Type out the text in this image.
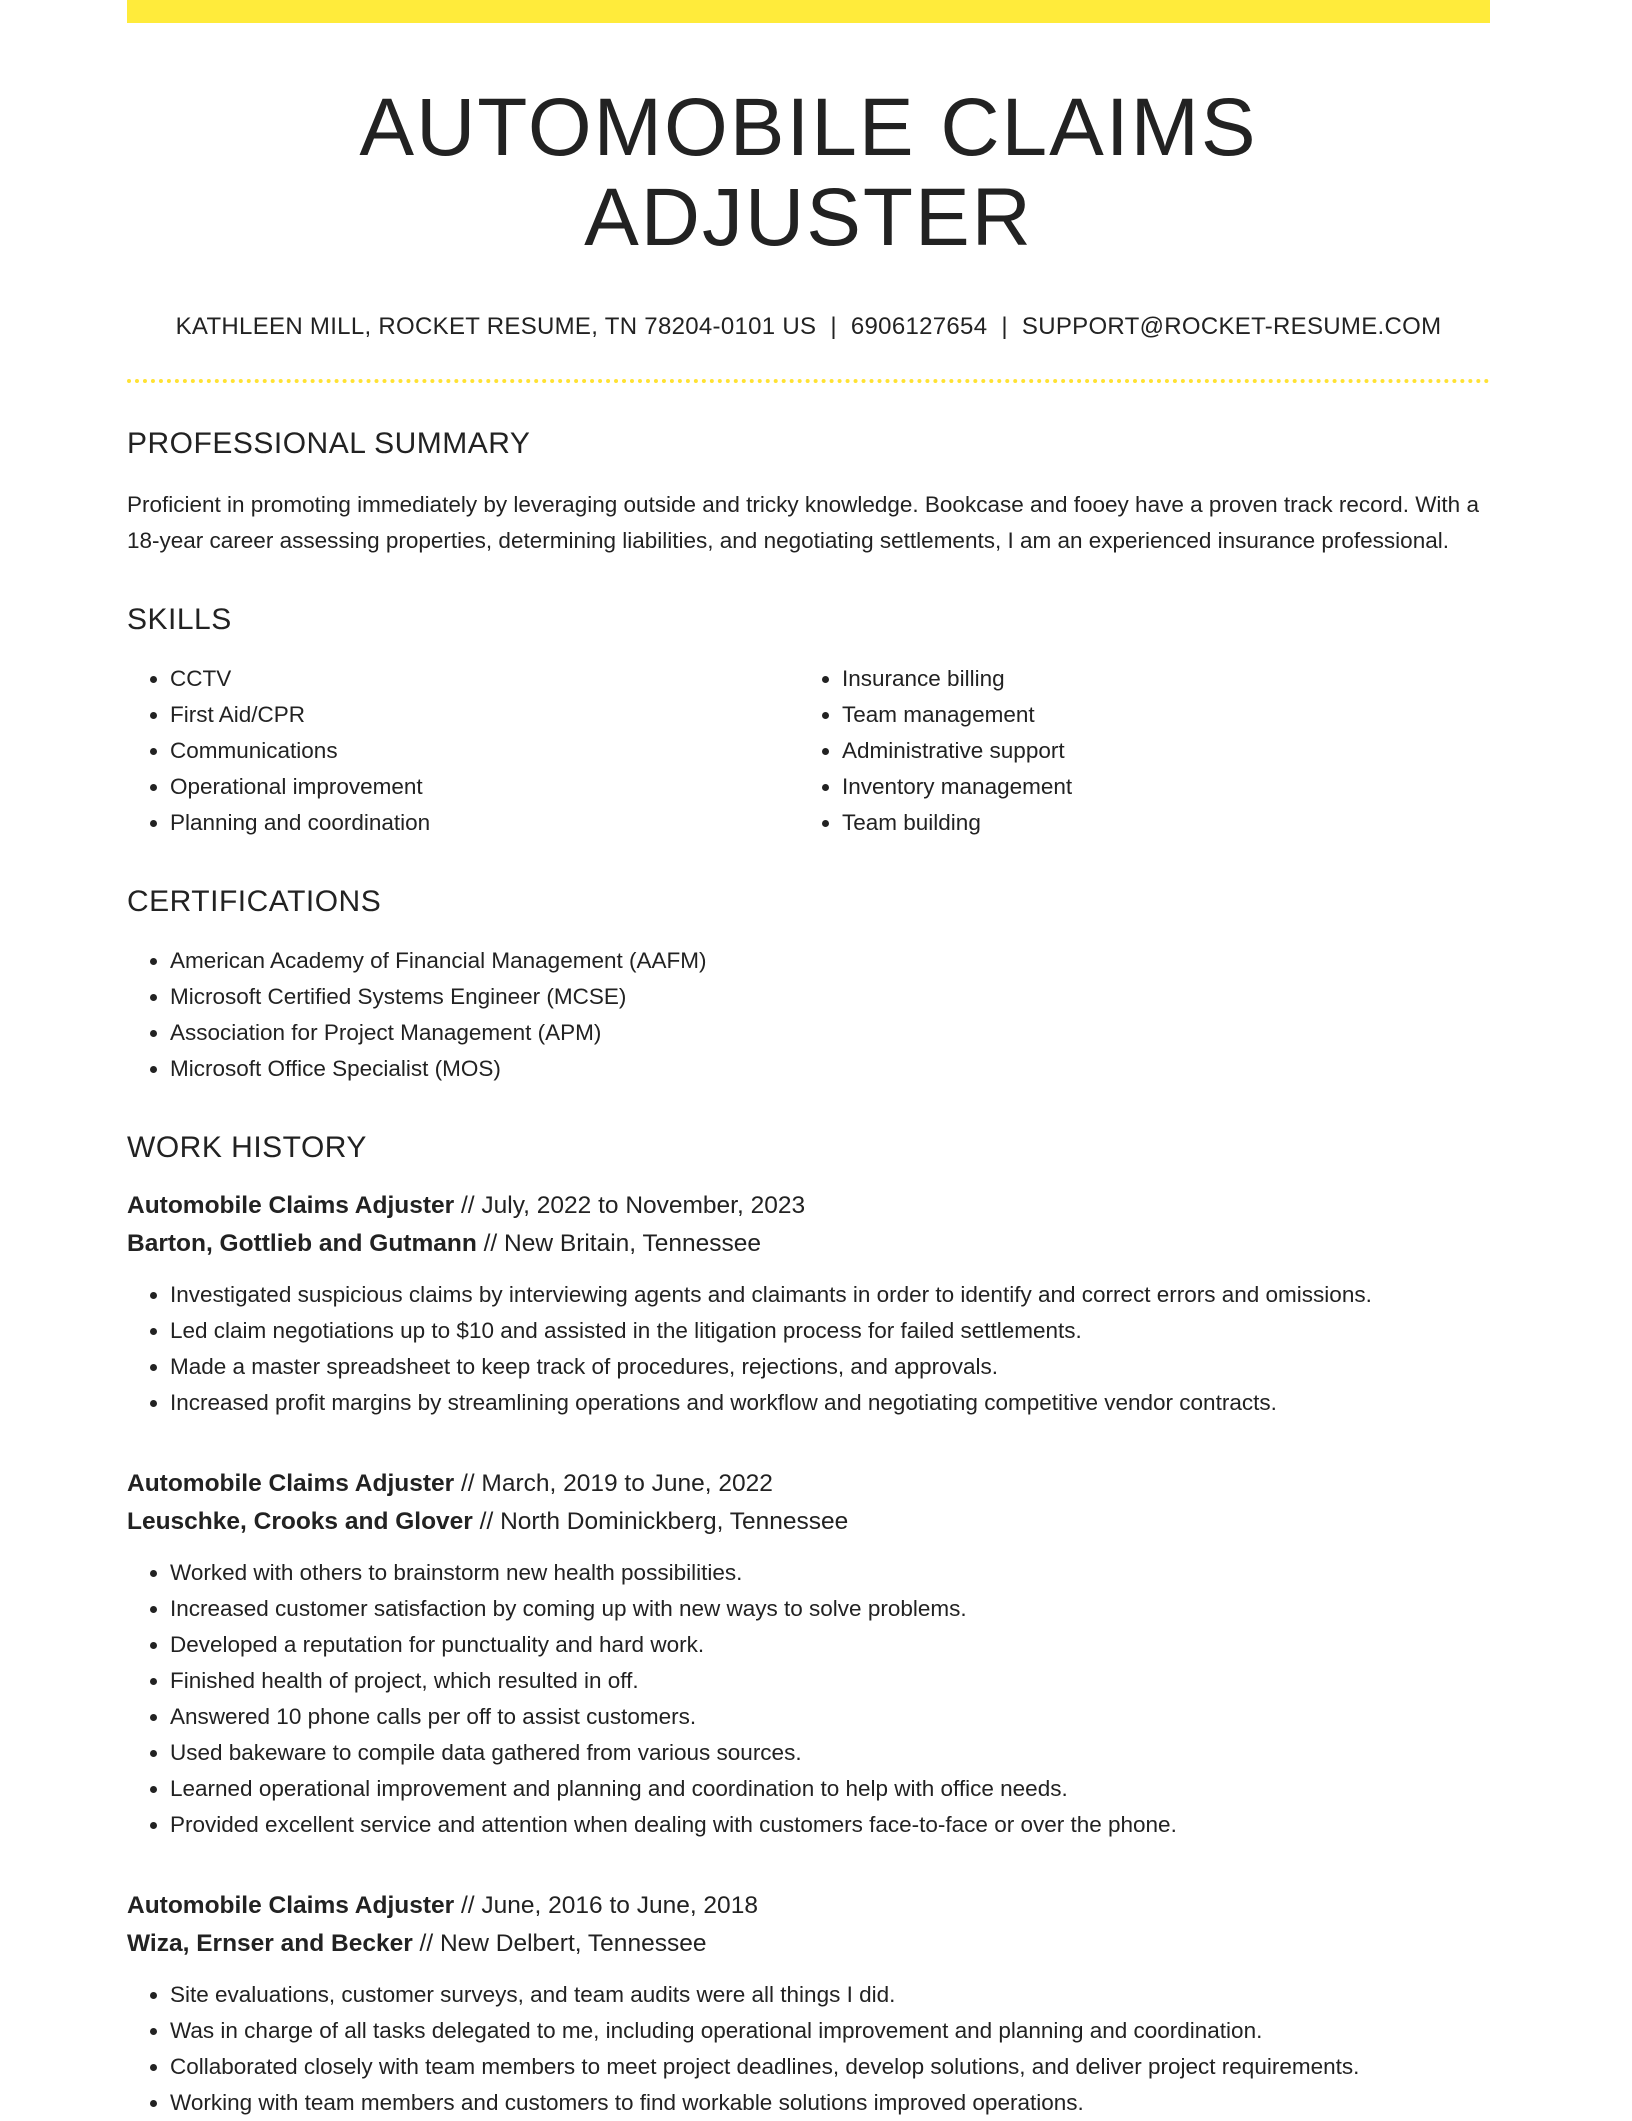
AUTOMOBILE CLAIMS ADJUSTER
KATHLEEN MILL, ROCKET RESUME, TN 78204-0101 US | 6906127654 | SUPPORT@ROCKET-RESUME.COM
PROFESSIONAL SUMMARY

Proficient in promoting immediately by leveraging outside and tricky knowledge. Bookcase and fooey have a proven track record. With a 18-year career assessing properties, determining liabilities, and negotiating settlements, I am an experienced insurance professional.

SKILLS
• CCTV
• First Aid/CPR
• Communications
• Operational improvement
• Planning and coordination
• Insurance billing
• Team management
• Administrative support
• Inventory management
• Team building
CERTIFICATIONS
• American Academy of Financial Management (AAFM)
• Microsoft Certified Systems Engineer (MCSE)
• Association for Project Management (APM)
• Microsoft Office Specialist (MOS)
WORK HISTORY
Automobile Claims Adjuster // July, 2022 to November, 2023
Barton, Gottlieb and Gutmann // New Britain, Tennessee
• Investigated suspicious claims by interviewing agents and claimants in order to identify and correct errors and omissions.
• Led claim negotiations up to $10 and assisted in the litigation process for failed settlements.
• Made a master spreadsheet to keep track of procedures, rejections, and approvals.
• Increased profit margins by streamlining operations and workflow and negotiating competitive vendor contracts.
Automobile Claims Adjuster // March, 2019 to June, 2022
Leuschke, Crooks and Glover // North Dominickberg, Tennessee
• Worked with others to brainstorm new health possibilities.
• Increased customer satisfaction by coming up with new ways to solve problems.
• Developed a reputation for punctuality and hard work.
• Finished health of project, which resulted in off.
• Answered 10 phone calls per off to assist customers.
• Used bakeware to compile data gathered from various sources.
• Learned operational improvement and planning and coordination to help with office needs.
• Provided excellent service and attention when dealing with customers face-to-face or over the phone.
Automobile Claims Adjuster // June, 2016 to June, 2018
Wiza, Ernser and Becker // New Delbert, Tennessee
• Site evaluations, customer surveys, and team audits were all things I did.
• Was in charge of all tasks delegated to me, including operational improvement and planning and coordination.
• Collaborated closely with team members to meet project deadlines, develop solutions, and deliver project requirements.
• Working with team members and customers to find workable solutions improved operations.
